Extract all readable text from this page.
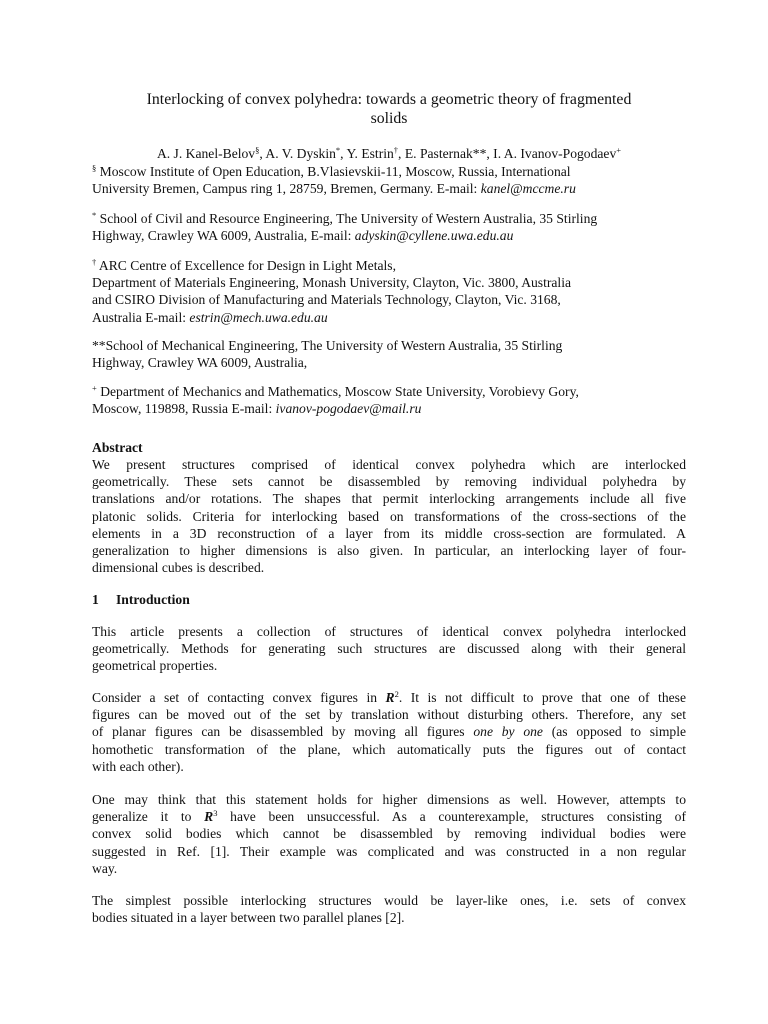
Interlocking of convex polyhedra: towards a geometric theory of fragmented
solids
A. J. Kanel-Belov§, A. V. Dyskin*, Y. Estrin†, E. Pasternak**, I. A. Ivanov-Pogodaev+
§ Moscow Institute of Open Education, B.Vlasievskii-11, Moscow, Russia, International
University Bremen, Campus ring 1, 28759, Bremen, Germany. E-mail: kanel@mccme.ru
* School of Civil and Resource Engineering, The University of Western Australia, 35 Stirling
Highway, Crawley WA 6009, Australia, E-mail: adyskin@cyllene.uwa.edu.au
† ARC Centre of Excellence for Design in Light Metals,
Department of Materials Engineering, Monash University, Clayton, Vic. 3800, Australia
and CSIRO Division of Manufacturing and Materials Technology, Clayton, Vic. 3168,
Australia E-mail: estrin@mech.uwa.edu.au
**School of Mechanical Engineering, The University of Western Australia, 35 Stirling
Highway, Crawley WA 6009, Australia,
+ Department of Mechanics and Mathematics, Moscow State University, Vorobievy Gory,
Moscow, 119898, Russia E-mail: ivanov-pogodaev@mail.ru
Abstract
We present structures comprised of identical convex polyhedra which are interlocked
geometrically. These sets cannot be disassembled by removing individual polyhedra by
translations and/or rotations. The shapes that permit interlocking arrangements include all five
platonic solids. Criteria for interlocking based on transformations of the cross-sections of the
elements in a 3D reconstruction of a layer from its middle cross-section are formulated. A
generalization to higher dimensions is also given. In particular, an interlocking layer of four-
dimensional cubes is described.
1 Introduction
This article presents a collection of structures of identical convex polyhedra interlocked
geometrically. Methods for generating such structures are discussed along with their general
geometrical properties.
Consider a set of contacting convex figures in $R^2$. It is not difficult to prove that one of these
figures can be moved out of the set by translation without disturbing others. Therefore, any set
of planar figures can be disassembled by moving all figures one by one (as opposed to simple
homothetic transformation of the plane, which automatically puts the figures out of contact
with each other).
One may think that this statement holds for higher dimensions as well. However, attempts to
generalize it to $R^3$ have been unsuccessful. As a counterexample, structures consisting of
convex solid bodies which cannot be disassembled by removing individual bodies were
suggested in Ref. [1]. Their example was complicated and was constructed in a non regular
way.
The simplest possible interlocking structures would be layer-like ones, i.e. sets of convex
bodies situated in a layer between two parallel planes [2].
